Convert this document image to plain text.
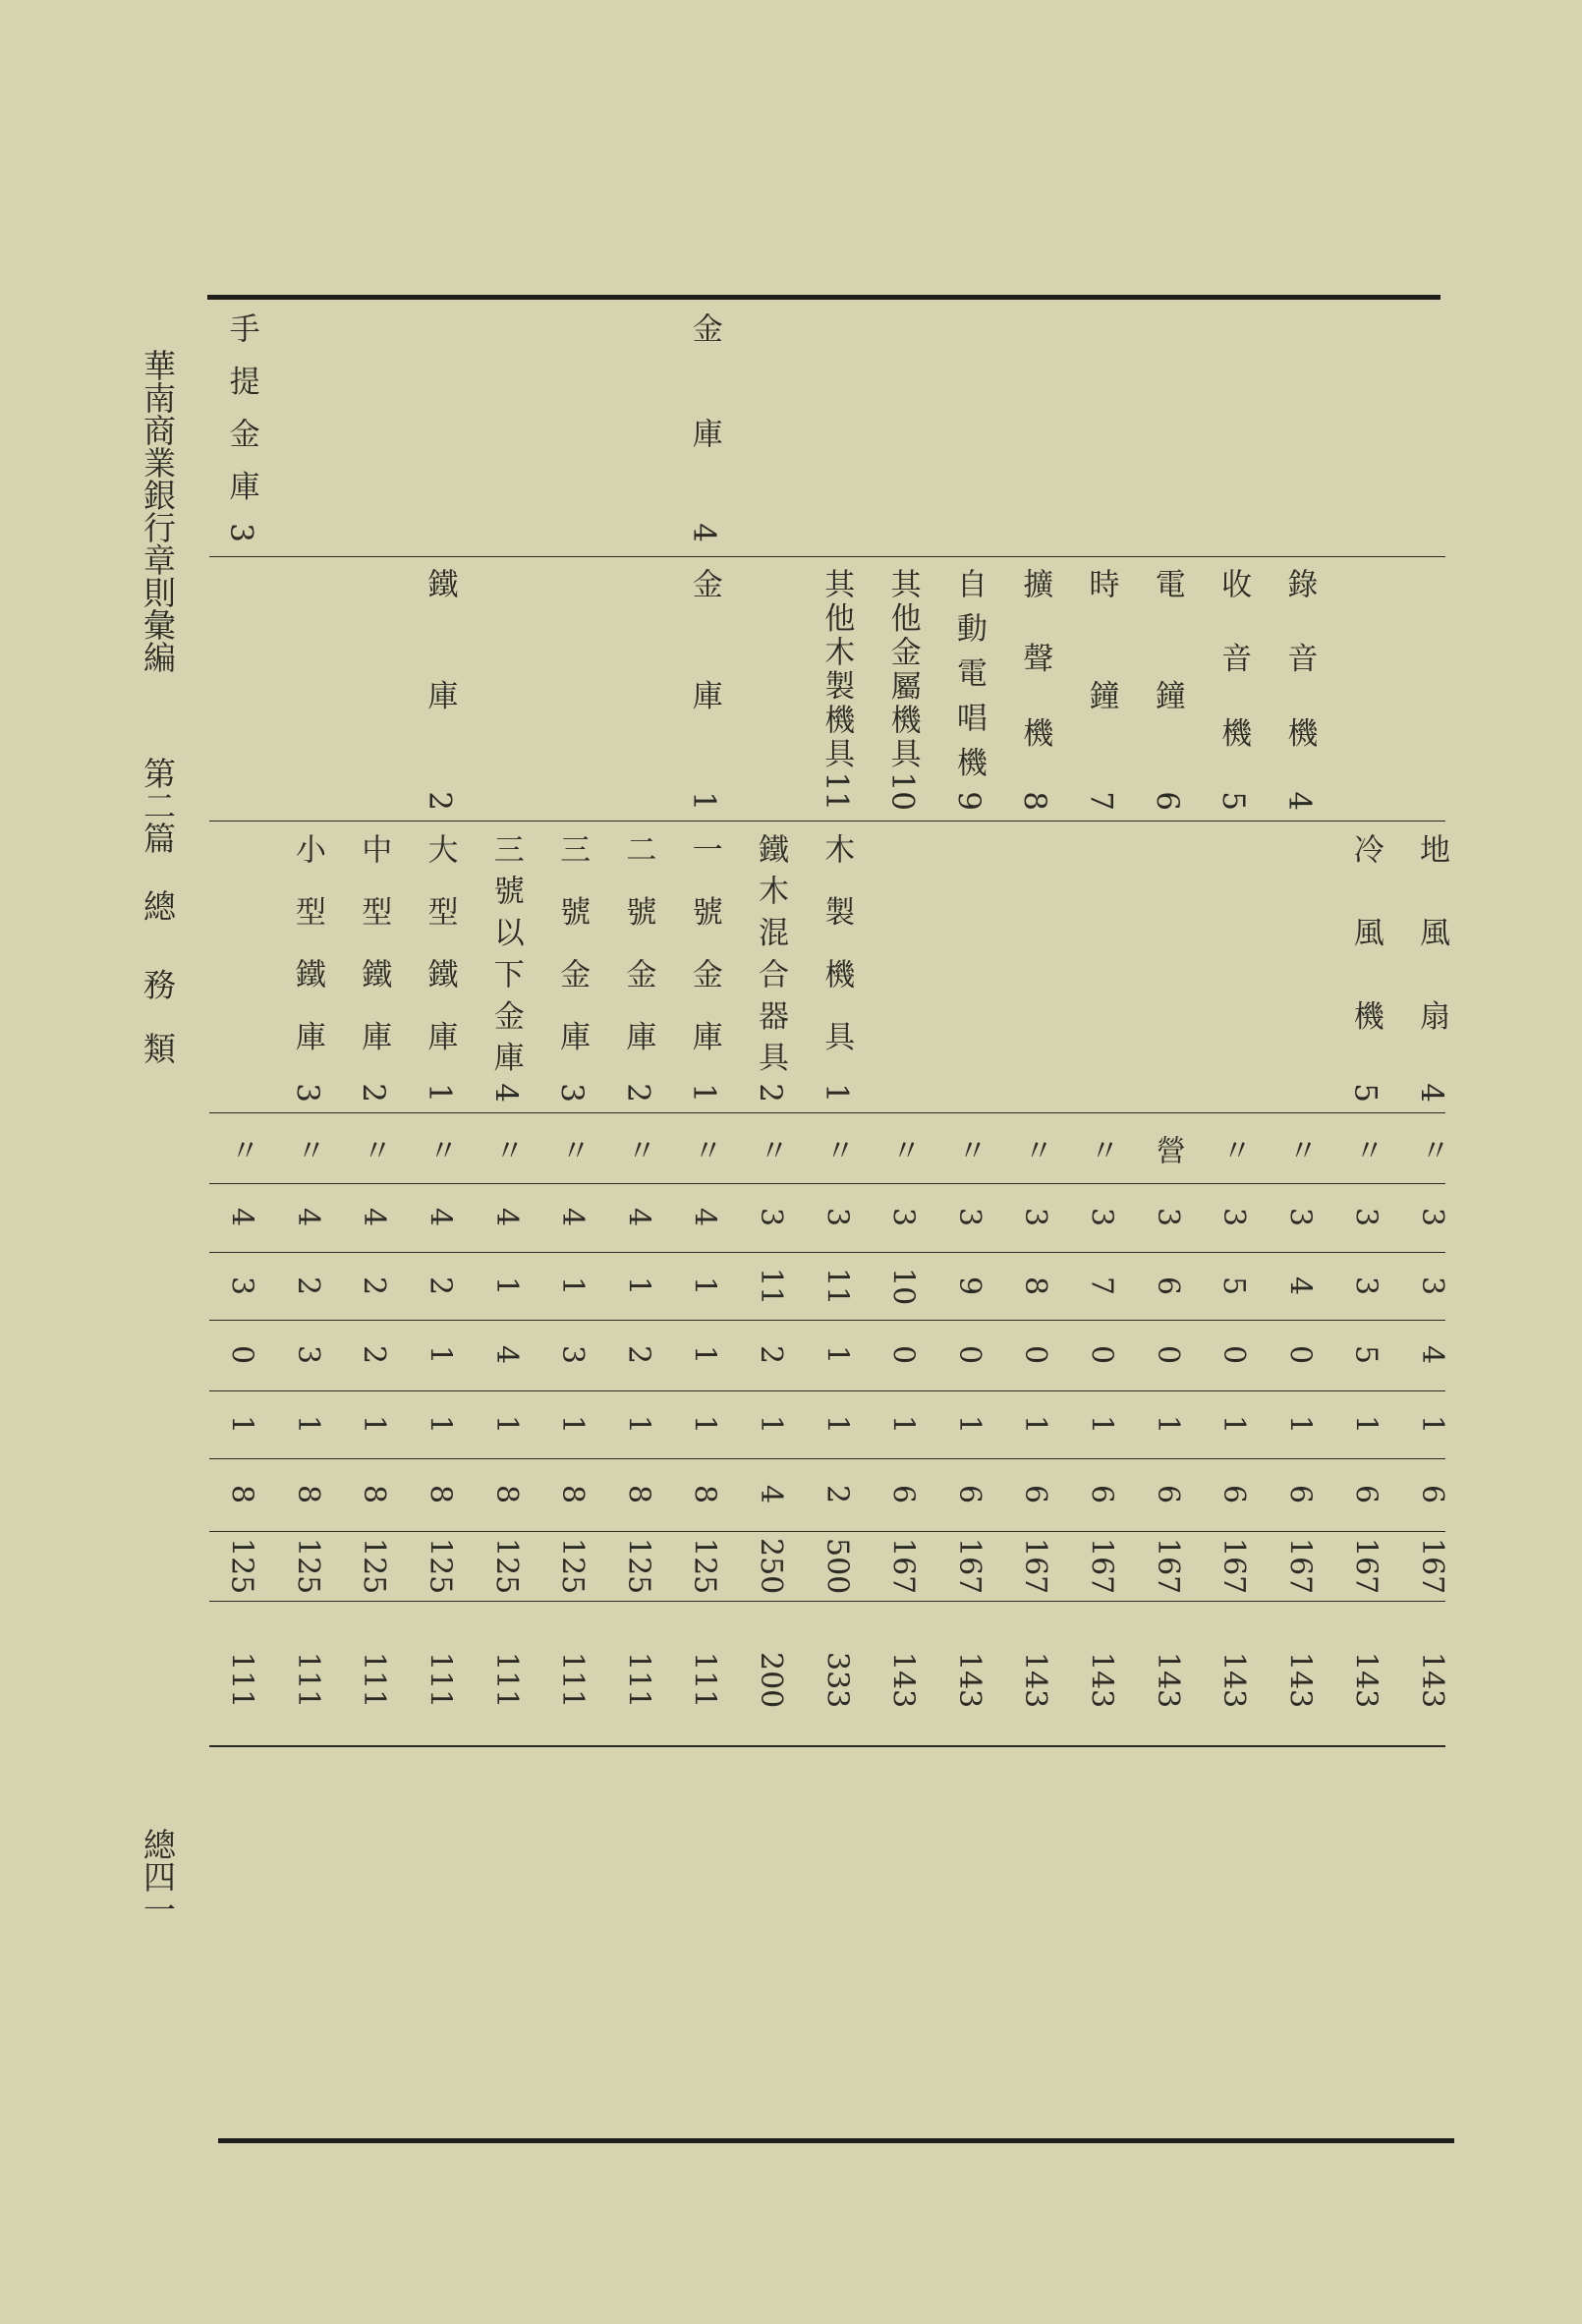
華南商業銀行章則彙編
第二篇
總
務
類
總四一
地風扇4
〃
3
3
4
1
6
167
143
冷風機5
〃
3
3
5
1
6
167
143
錄音機4
〃
3
4
0
1
6
167
143
收音機5
〃
3
5
0
1
6
167
143
電鐘6
營
3
6
0
1
6
167
143
時鐘7
〃
3
7
0
1
6
167
143
擴聲機8
〃
3
8
0
1
6
167
143
自動電唱機9
〃
3
9
0
1
6
167
143
其他金屬機具10
〃
3
10
0
1
6
167
143
其他木製機具11
木製機具1
〃
3
11
1
1
2
500
333
鐵木混合器具2
〃
3
11
2
1
4
250
200
金庫4
金庫1
一號金庫1
〃
4
1
1
1
8
125
111
二號金庫2
〃
4
1
2
1
8
125
111
三號金庫3
〃
4
1
3
1
8
125
111
三號以下金庫4
〃
4
1
4
1
8
125
111
鐵庫2
大型鐵庫1
〃
4
2
1
1
8
125
111
中型鐵庫2
〃
4
2
2
1
8
125
111
小型鐵庫3
〃
4
2
3
1
8
125
111
手提金庫3
〃
4
3
0
1
8
125
111
